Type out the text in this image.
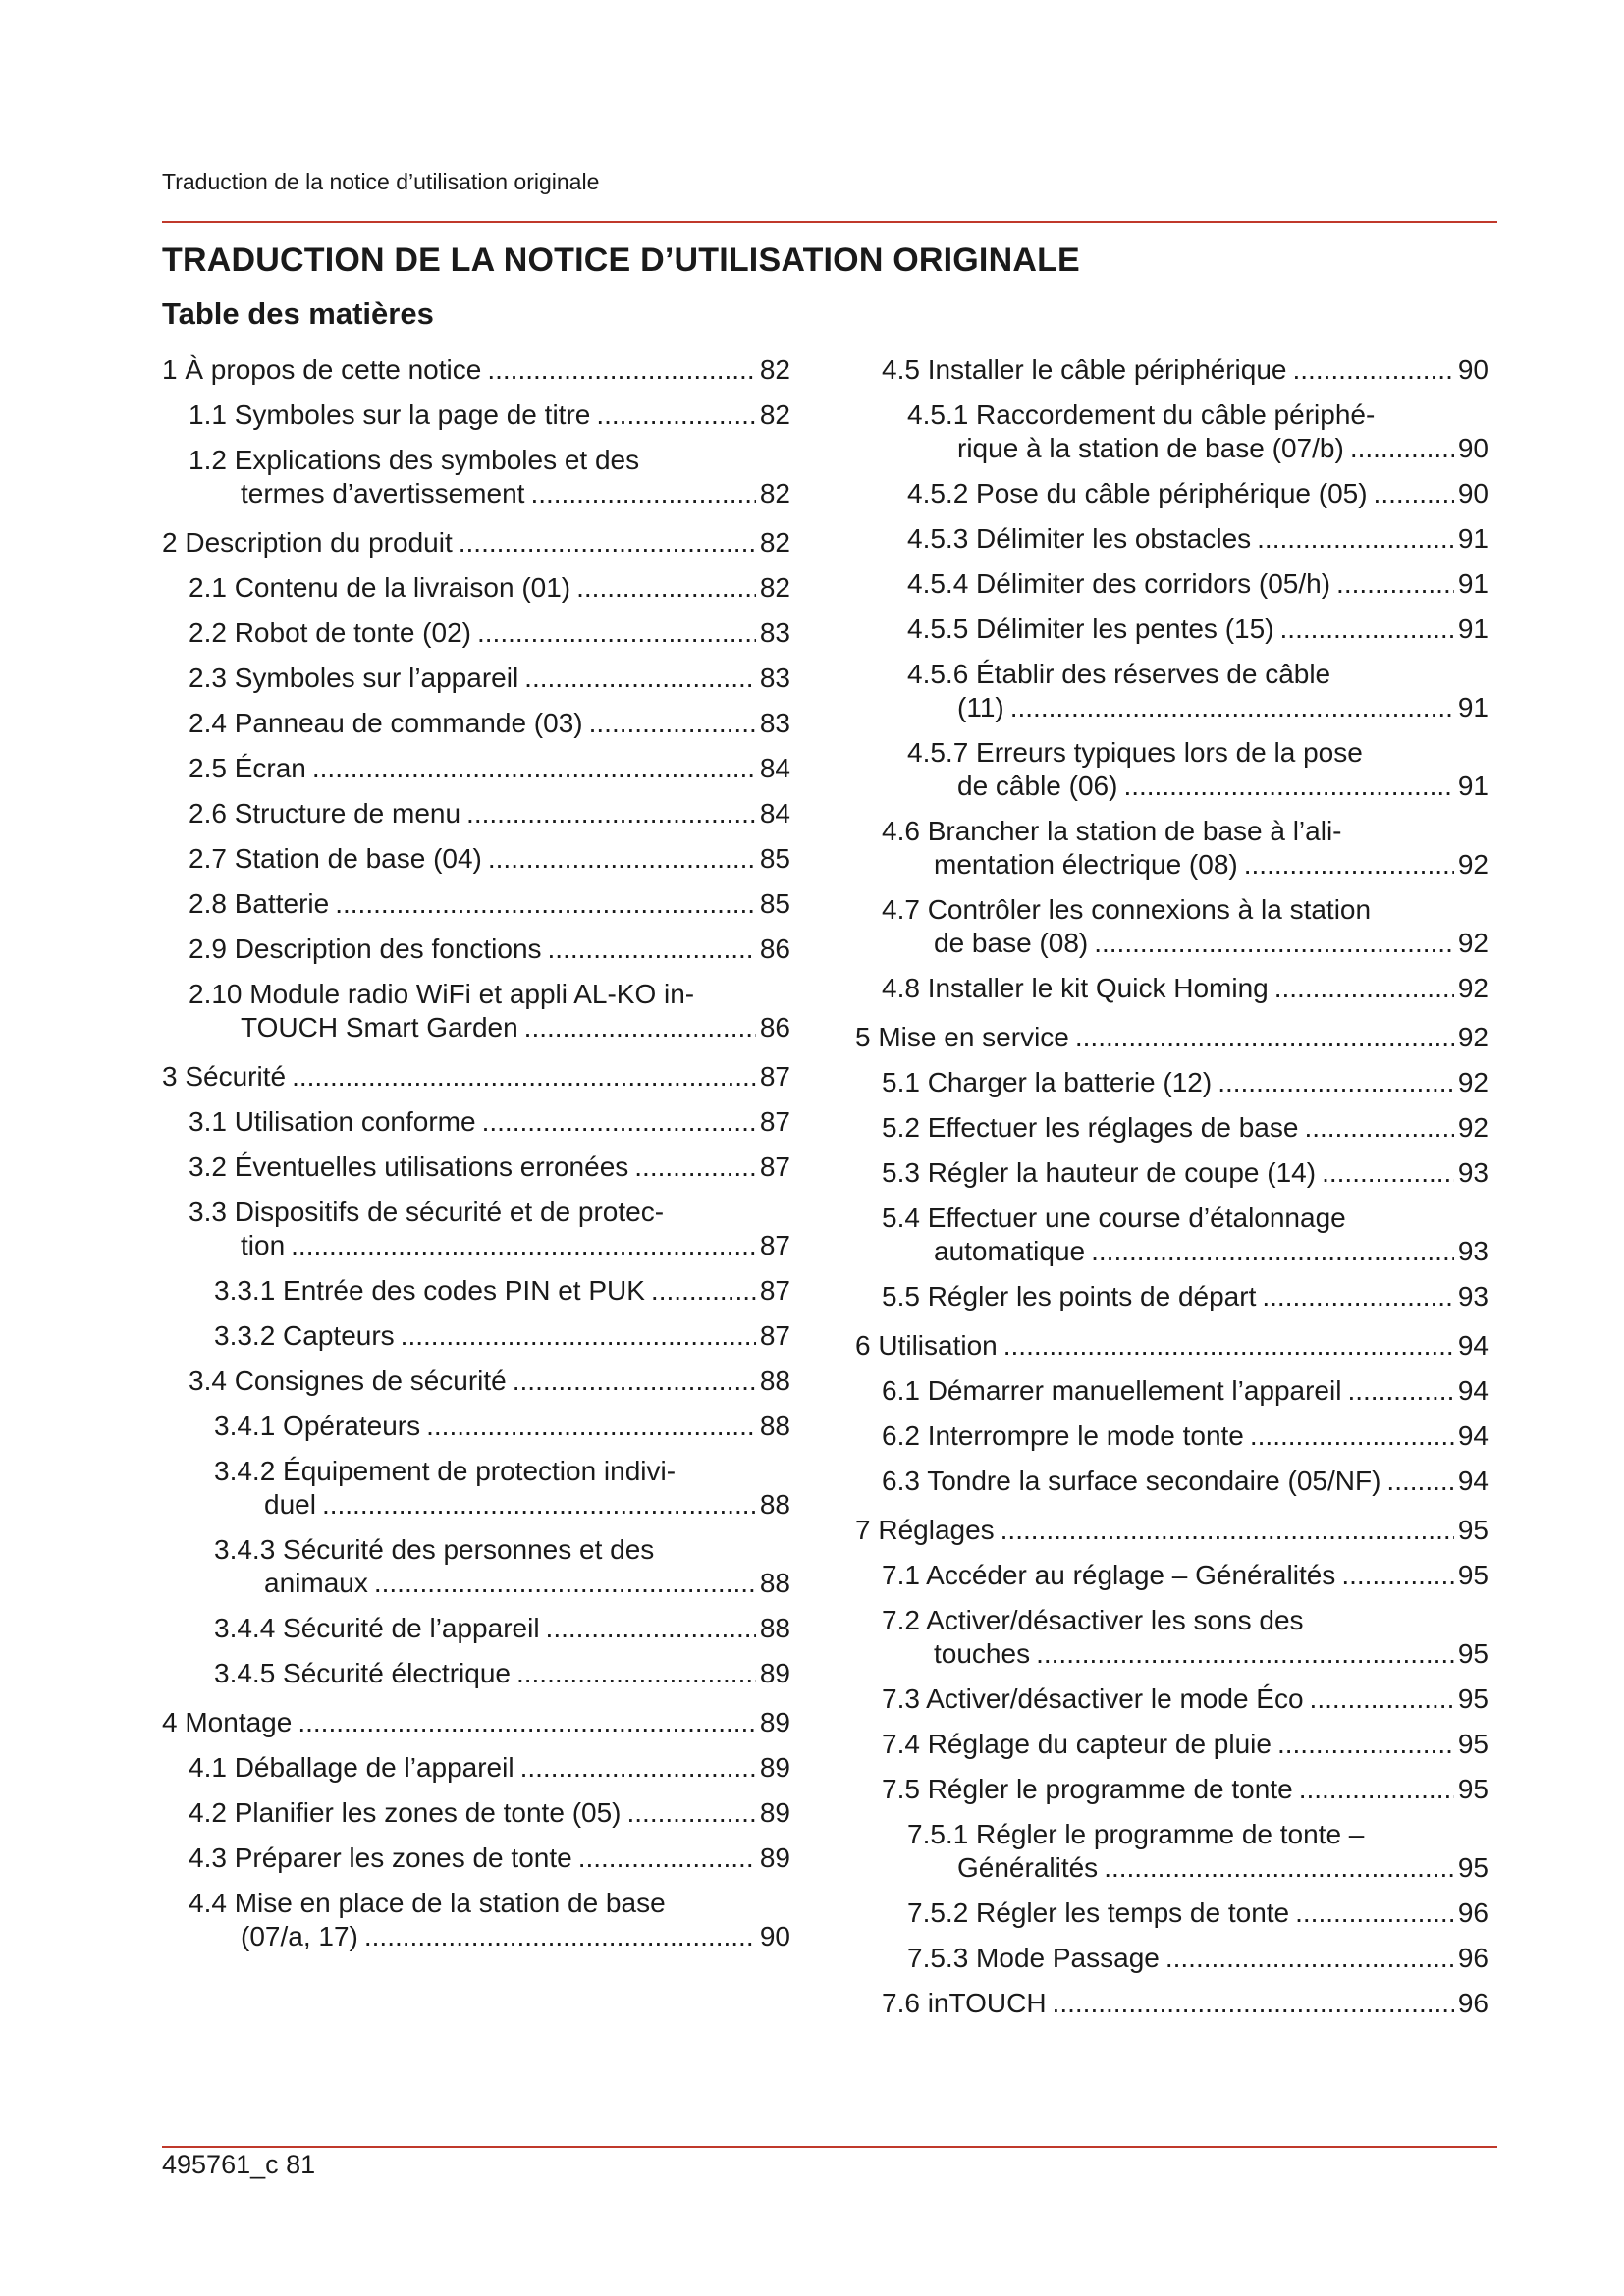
Traduction de la notice d’utilisation originale
TRADUCTION DE LA NOTICE D’UTILISATION ORIGINALE
Table des matières
1 À propos de cette notice .....	82
1.1 Symboles sur la page de titre .....	82
1.2 Explications des symboles et des
termes d’avertissement .....	82
2 Description du produit .....	82
2.1 Contenu de la livraison (01) .....	82
2.2 Robot de tonte (02) .....	83
2.3 Symboles sur l’appareil .....	83
2.4 Panneau de commande (03) .....	83
2.5 Écran .....	84
2.6 Structure de menu .....	84
2.7 Station de base (04) .....	85
2.8 Batterie .....	85
2.9 Description des fonctions .....	86
2.10 Module radio WiFi et appli AL-KO in-
TOUCH Smart Garden .....	86
3 Sécurité .....	87
3.1 Utilisation conforme .....	87
3.2 Éventuelles utilisations erronées .....	87
3.3 Dispositifs de sécurité et de protec-
tion .....	87
3.3.1 Entrée des codes PIN et PUK .....	87
3.3.2 Capteurs .....	87
3.4 Consignes de sécurité .....	88
3.4.1 Opérateurs .....	88
3.4.2 Équipement de protection indivi-
duel .....	88
3.4.3 Sécurité des personnes et des
animaux .....	88
3.4.4 Sécurité de l’appareil .....	88
3.4.5 Sécurité électrique .....	89
4 Montage .....	89
4.1 Déballage de l’appareil .....	89
4.2 Planifier les zones de tonte (05) .....	89
4.3 Préparer les zones de tonte .....	89
4.4 Mise en place de la station de base
(07/a, 17) .....	90
4.5 Installer le câble périphérique .....	90
4.5.1 Raccordement du câble périphé-
rique à la station de base (07/b) .....	90
4.5.2 Pose du câble périphérique (05) .....	90
4.5.3 Délimiter les obstacles .....	91
4.5.4 Délimiter des corridors (05/h) .....	91
4.5.5 Délimiter les pentes (15) .....	91
4.5.6 Établir des réserves de câble
(11) .....	91
4.5.7 Erreurs typiques lors de la pose
de câble (06) .....	91
4.6 Brancher la station de base à l’ali-
mentation électrique (08) .....	92
4.7 Contrôler les connexions à la station
de base (08) .....	92
4.8 Installer le kit Quick Homing .....	92
5 Mise en service .....	92
5.1 Charger la batterie (12) .....	92
5.2 Effectuer les réglages de base .....	92
5.3 Régler la hauteur de coupe (14) .....	93
5.4 Effectuer une course d’étalonnage
automatique .....	93
5.5 Régler les points de départ .....	93
6 Utilisation .....	94
6.1 Démarrer manuellement l’appareil .....	94
6.2 Interrompre le mode tonte .....	94
6.3 Tondre la surface secondaire (05/NF) .....	94
7 Réglages .....	95
7.1 Accéder au réglage – Généralités .....	95
7.2 Activer/désactiver les sons des
touches .....	95
7.3 Activer/désactiver le mode Éco .....	95
7.4 Réglage du capteur de pluie .....	95
7.5 Régler le programme de tonte .....	95
7.5.1 Régler le programme de tonte –
Généralités .....	95
7.5.2 Régler les temps de tonte .....	96
7.5.3 Mode Passage .....	96
7.6 inTOUCH .....	96
495761_c 81
